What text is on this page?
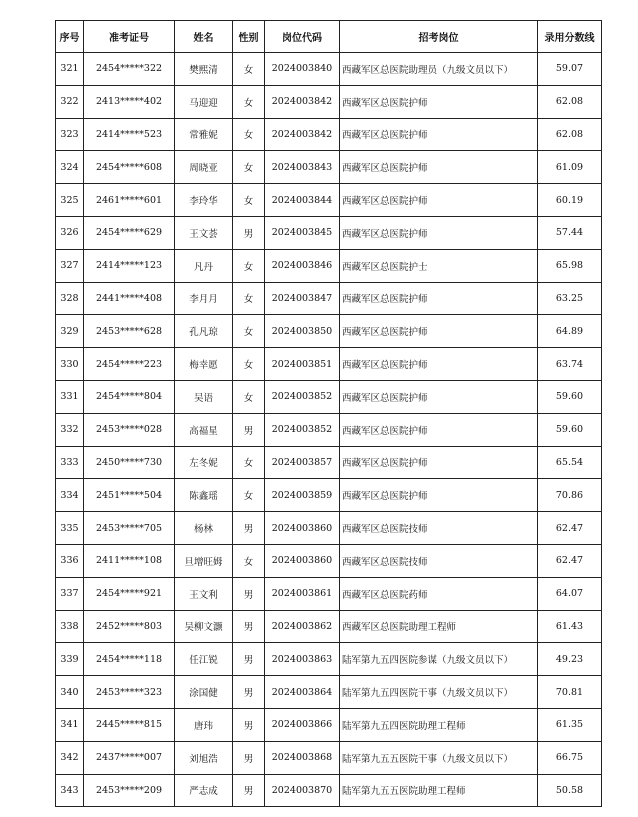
序号	准考证号	姓名	性别	岗位代码	招考岗位	录用分数线
321	2454*****322	樊熙清	女	2024003840	西藏军区总医院助理员（九级文员以下）	59.07
322	2413*****402	马迎迎	女	2024003842	西藏军区总医院护师	62.08
323	2414*****523	常雅妮	女	2024003842	西藏军区总医院护师	62.08
324	2454*****608	周晓亚	女	2024003843	西藏军区总医院护师	61.09
325	2461*****601	李玲华	女	2024003844	西藏军区总医院护师	60.19
326	2454*****629	王文荟	男	2024003845	西藏军区总医院护师	57.44
327	2414*****123	凡丹	女	2024003846	西藏军区总医院护士	65.98
328	2441*****408	李月月	女	2024003847	西藏军区总医院护师	63.25
329	2453*****628	孔凡琼	女	2024003850	西藏军区总医院护师	64.89
330	2454*****223	梅幸愿	女	2024003851	西藏军区总医院护师	63.74
331	2454*****804	吴语	女	2024003852	西藏军区总医院护师	59.60
332	2453*****028	高福星	男	2024003852	西藏军区总医院护师	59.60
333	2450*****730	左冬妮	女	2024003857	西藏军区总医院护师	65.54
334	2451*****504	陈鑫瑶	女	2024003859	西藏军区总医院护师	70.86
335	2453*****705	杨林	男	2024003860	西藏军区总医院技师	62.47
336	2411*****108	旦增旺姆	女	2024003860	西藏军区总医院技师	62.47
337	2454*****921	王文利	男	2024003861	西藏军区总医院药师	64.07
338	2452*****803	吴柳文灏	男	2024003862	西藏军区总医院助理工程师	61.43
339	2454*****118	任江锐	男	2024003863	陆军第九五四医院参谋（九级文员以下）	49.23
340	2453*****323	涂国健	男	2024003864	陆军第九五四医院干事（九级文员以下）	70.81
341	2445*****815	唐玮	男	2024003866	陆军第九五四医院助理工程师	61.35
342	2437*****007	刘旭浩	男	2024003868	陆军第九五五医院干事（九级文员以下）	66.75
343	2453*****209	严志成	男	2024003870	陆军第九五五医院助理工程师	50.58
